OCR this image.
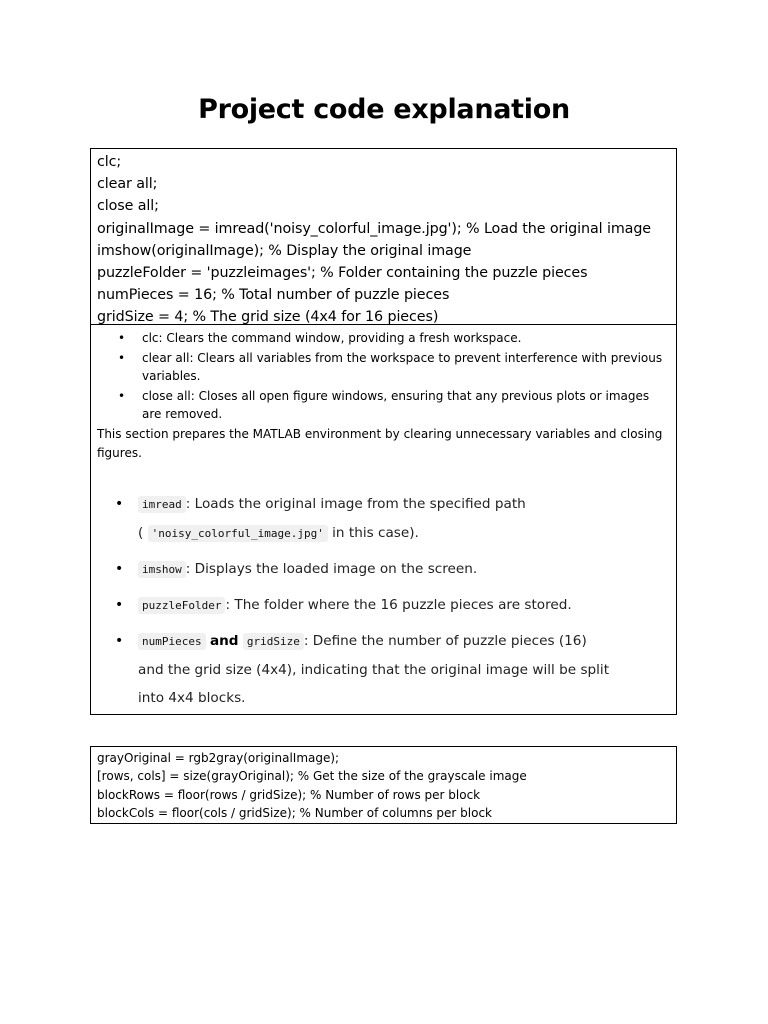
Project code explanation
clc;
clear all;
close all;
originalImage = imread('noisy_colorful_image.jpg'); % Load the original image
imshow(originalImage); % Display the original image
puzzleFolder = 'puzzleimages'; % Folder containing the puzzle pieces
numPieces = 16; % Total number of puzzle pieces
gridSize = 4; % The grid size (4x4 for 16 pieces)
• clc: Clears the command window, providing a fresh workspace.
• clear all: Clears all variables from the workspace to prevent interference with previous variables.
• close all: Closes all open figure windows, ensuring that any previous plots or images are removed.
This section prepares the MATLAB environment by clearing unnecessary variables and closing figures.
• imread : Loads the original image from the specified path
( 'noisy_colorful_image.jpg' in this case).
• imshow : Displays the loaded image on the screen.
• puzzleFolder : The folder where the 16 puzzle pieces are stored.
• numPieces and gridSize : Define the number of puzzle pieces (16)
and the grid size (4x4), indicating that the original image will be split
into 4x4 blocks.
grayOriginal = rgb2gray(originalImage);
[rows, cols] = size(grayOriginal); % Get the size of the grayscale image
blockRows = floor(rows / gridSize); % Number of rows per block
blockCols = floor(cols / gridSize); % Number of columns per block
